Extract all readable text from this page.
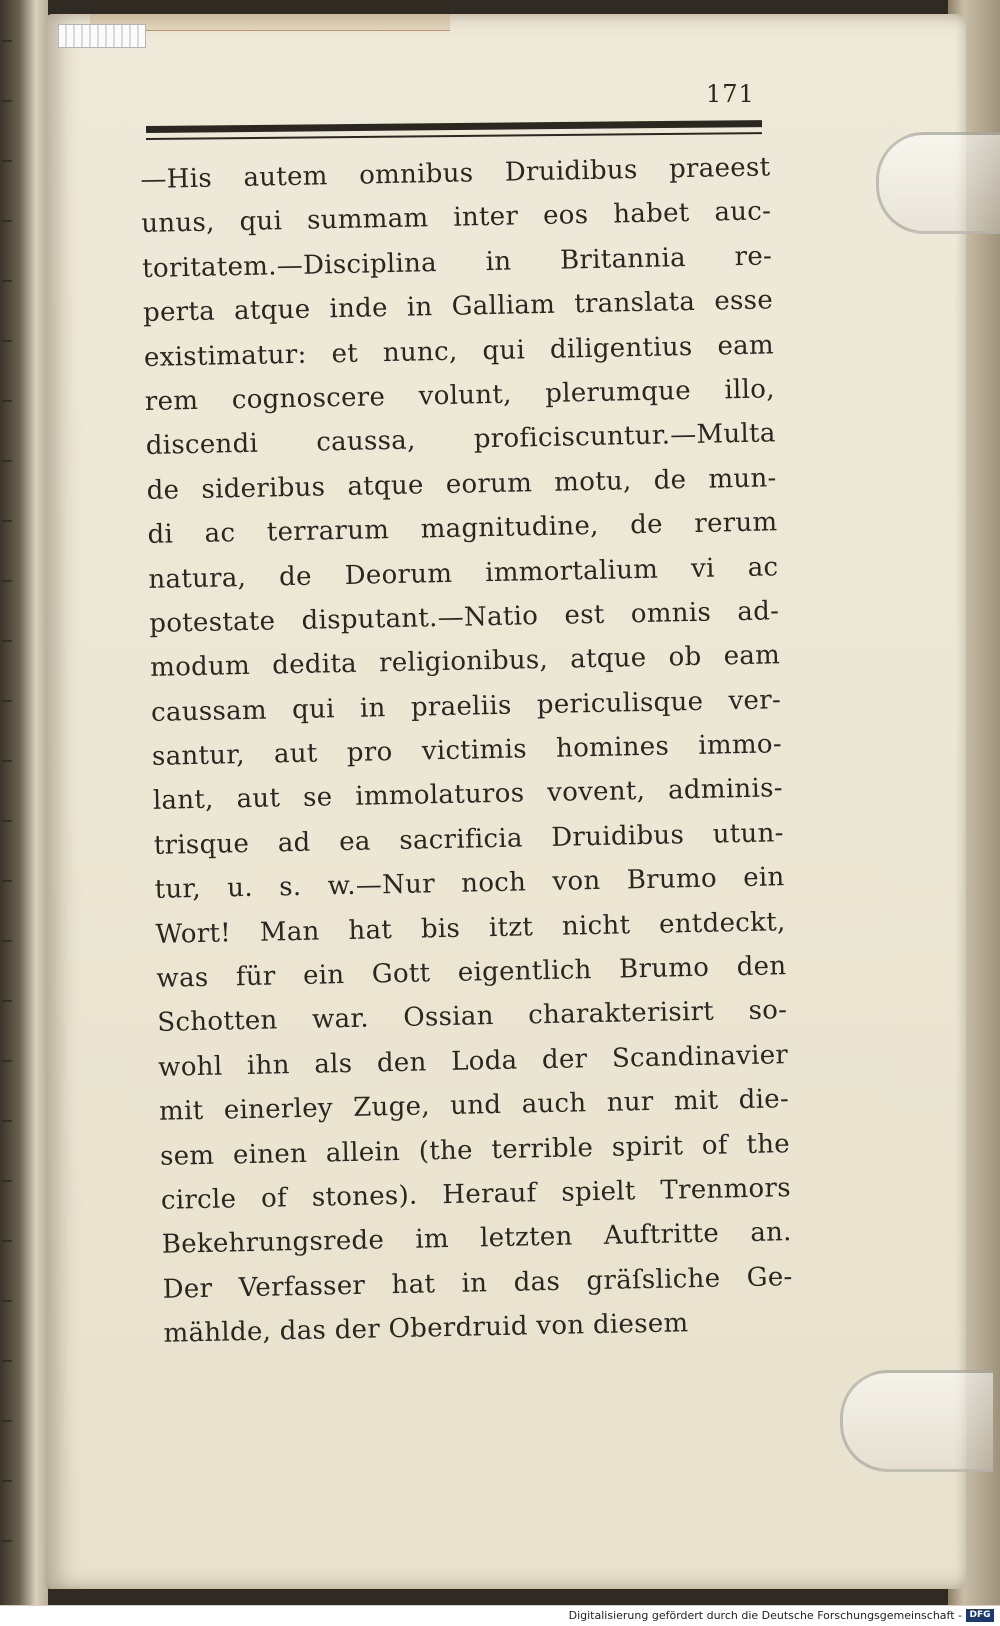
171
—His autem omnibus Druidibus praeest
unus, qui summam inter eos habet auc-
toritatem.—Disciplina in Britannia re-
perta atque inde in Galliam translata esse
existimatur: et nunc, qui diligentius eam
rem cognoscere volunt, plerumque illo,
discendi caussa, proficiscuntur.—Multa
de sideribus atque eorum motu, de mun-
di ac terrarum magnitudine, de rerum
natura, de Deorum immortalium vi ac
potestate disputant.—Natio est omnis ad-
modum dedita religionibus, atque ob eam
caussam qui in praeliis periculisque ver-
santur, aut pro victimis homines immo-
lant, aut se immolaturos vovent, adminis-
trisque ad ea sacrificia Druidibus utun-
tur, u. s. w.—Nur noch von Brumo ein
Wort! Man hat bis itzt nicht entdeckt,
was für ein Gott eigentlich Brumo den
Schotten war. Ossian charakterisirt so-
wohl ihn als den Loda der Scandinavier
mit einerley Zuge, und auch nur mit die-
sem einen allein (the terrible spirit of the
circle of stones). Herauf spielt Trenmors
Bekehrungsrede im letzten Auftritte an.
Der Verfasser hat in das gräſsliche Ge-
mählde, das der Oberdruid von diesem
Digitalisierung gefördert durch die Deutsche Forschungsgemeinschaft - DFG
